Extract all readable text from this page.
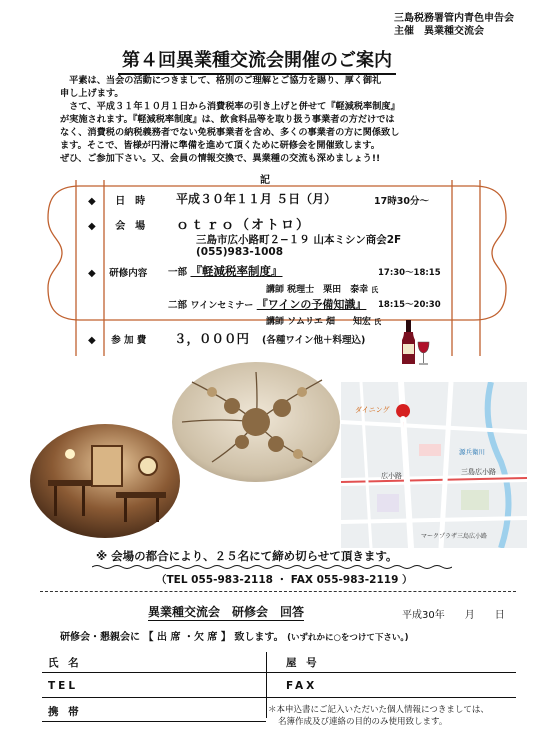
三島税務署管内青色申告会
主催　異業種交流会
第４回異業種交流会開催のご案内

　平素は、当会の活動につきまして、格別のご理解とご協力を賜り、厚く御礼

申し上げます。

　さて、平成３１年１０月１日から消費税率の引き上げと併せて『軽減税率制度』

が実施されます。『軽減税率制度』は、飲食料品等を取り扱う事業者の方だけでは

なく、消費税の納税義務者でない免税事業者を含め、多くの事業者の方に関係致し

ます。そこで、皆様が円滑に準備を進めて頂くために研修会を開催致します。

ぜひ、ご参加下さい。又、会員の情報交換で、異業種の交流も深めましょう!!

記
◆ 日　時	平成３０年１１月 ５日（月）	17時30分～
◆ 会　場 ｏｔｒｏ（オトロ）
三島市広小路町２−１９ 山本ミシン商会2F
(055)983-1008
◆ 研修内容 一部 『軽減税率制度』	17:30～18:15
講師 税理士　栗田　泰幸 氏
二部 ワインセミナー 『ワインの予備知識』 18:15～20:30
講師 ソムリエ 畑　　知宏 氏
◆ 参 加 費 ３，０００円 (各種ワイン他＋料理込)
広小路
三島広小路
ダイニング
源兵衛川
マークプラザ三島広小路
※ 会場の都合により、２５名にて締め切らせて頂きます。
（TEL 055-983-2118 ・ FAX 055-983-2119 ）
異業種交流会　研修会　回答	平成30年　　月　　日
研修会・懇親会に 【 出 席 ・欠 席 】 致します。 (いずれかに○をつけて下さい。)
氏 名	屋 号
TEL	FAX
携 帯	＊本申込書にご記入いただいた個人情報につきましては、
名簿作成及び連絡の目的のみ使用致します。
